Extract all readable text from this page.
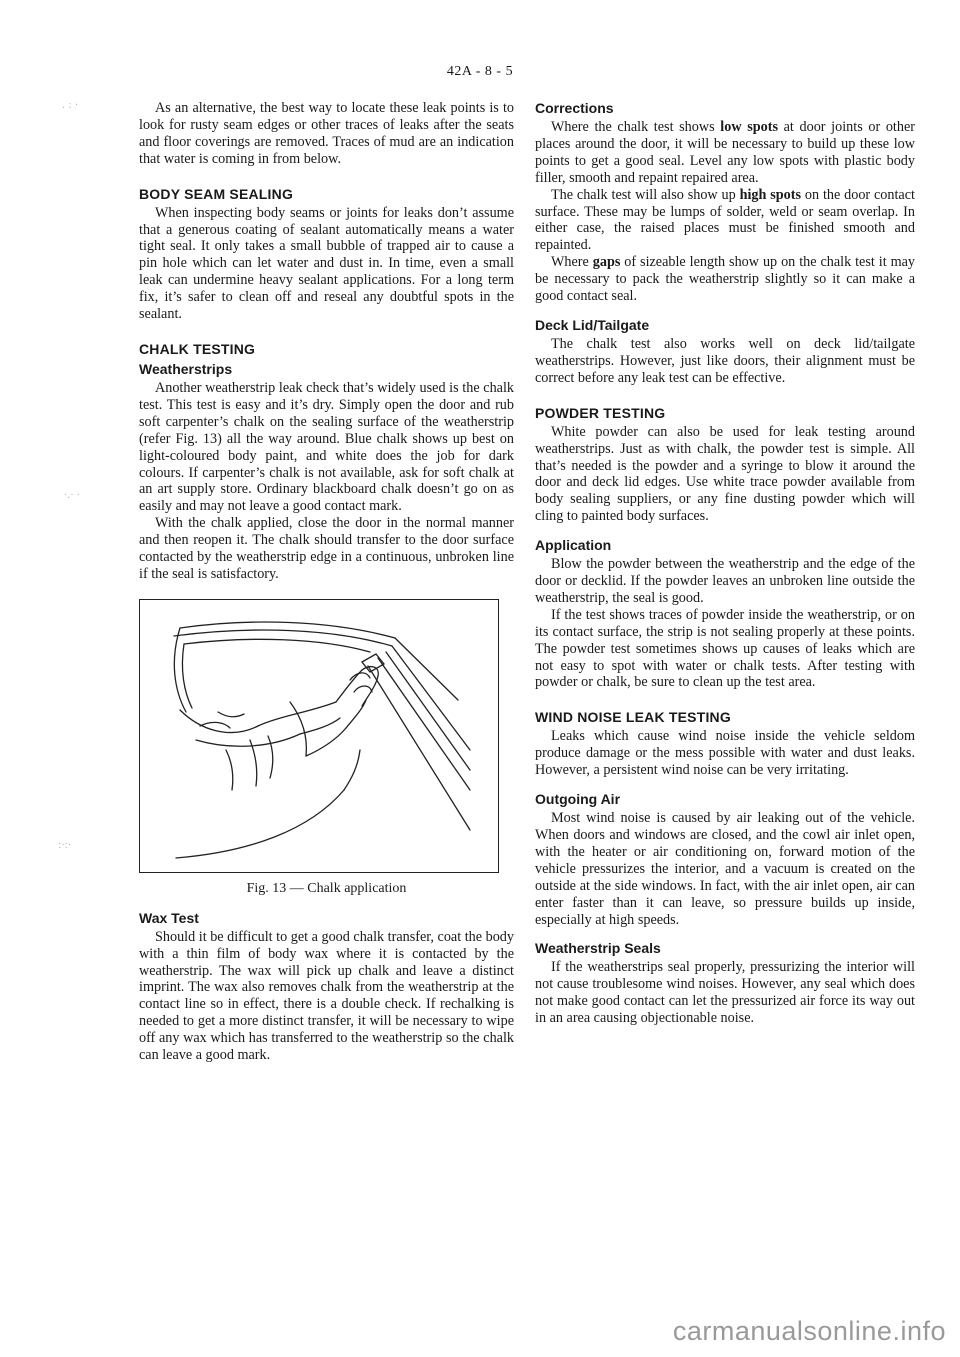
42A - 8 - 5
. : ·
·.· ·
:·:·

As an alternative, the best way to locate these leak points is to look for rusty seam edges or other traces of leaks after the seats and floor coverings are removed. Traces of mud are an indication that water is coming in from below.

BODY SEAM SEALING

When inspecting body seams or joints for leaks don’t assume that a generous coating of sealant automatically means a water tight seal. It only takes a small bubble of trapped air to cause a pin hole which can let water and dust in. In time, even a small leak can undermine heavy sealant applications. For a long term fix, it’s safer to clean off and reseal any doubtful spots in the sealant.

CHALK TESTING
Weatherstrips

Another weatherstrip leak check that’s widely used is the chalk test. This test is easy and it’s dry. Simply open the door and rub soft carpenter’s chalk on the sealing surface of the weatherstrip (refer Fig. 13) all the way around. Blue chalk shows up best on light-coloured body paint, and white does the job for dark colours. If carpenter’s chalk is not available, ask for soft chalk at an art supply store. Ordinary blackboard chalk doesn’t go on as easily and may not leave a good contact mark.

With the chalk applied, close the door in the normal manner and then reopen it. The chalk should transfer to the door surface contacted by the weatherstrip edge in a continuous, unbroken line if the seal is satisfactory.

Fig. 13 — Chalk application

Wax Test

Should it be difficult to get a good chalk transfer, coat the body with a thin film of body wax where it is contacted by the weatherstrip. The wax will pick up chalk and leave a distinct imprint. The wax also removes chalk from the weatherstrip at the contact line so in effect, there is a double check. If rechalking is needed to get a more distinct transfer, it will be necessary to wipe off any wax which has transferred to the weatherstrip so the chalk can leave a good mark.

Corrections

Where the chalk test shows low spots at door joints or other places around the door, it will be necessary to build up these low points to get a good seal. Level any low spots with plastic body filler, smooth and repaint repaired area.

The chalk test will also show up high spots on the door contact surface. These may be lumps of solder, weld or seam overlap. In either case, the raised places must be finished smooth and repainted.

Where gaps of sizeable length show up on the chalk test it may be necessary to pack the weatherstrip slightly so it can make a good contact seal.

Deck Lid/Tailgate

The chalk test also works well on deck lid/tailgate weatherstrips. However, just like doors, their alignment must be correct before any leak test can be effective.

POWDER TESTING

White powder can also be used for leak testing around weatherstrips. Just as with chalk, the powder test is simple. All that’s needed is the powder and a syringe to blow it around the door and deck lid edges. Use white trace powder available from body sealing suppliers, or any fine dusting powder which will cling to painted body surfaces.

Application

Blow the powder between the weatherstrip and the edge of the door or decklid. If the powder leaves an unbroken line outside the weatherstrip, the seal is good.

If the test shows traces of powder inside the weatherstrip, or on its contact surface, the strip is not sealing properly at these points. The powder test sometimes shows up causes of leaks which are not easy to spot with water or chalk tests. After testing with powder or chalk, be sure to clean up the test area.

WIND NOISE LEAK TESTING

Leaks which cause wind noise inside the vehicle seldom produce damage or the mess possible with water and dust leaks. However, a persistent wind noise can be very irritating.

Outgoing Air

Most wind noise is caused by air leaking out of the vehicle. When doors and windows are closed, and the cowl air inlet open, with the heater or air conditioning on, forward motion of the vehicle pressurizes the interior, and a vacuum is created on the outside at the side windows. In fact, with the air inlet open, air can enter faster than it can leave, so pressure builds up inside, especially at high speeds.

Weatherstrip Seals

If the weatherstrips seal properly, pressurizing the interior will not cause troublesome wind noises. However, any seal which does not make good contact can let the pressurized air force its way out in an area causing objectionable noise.

carmanualsonline.info
